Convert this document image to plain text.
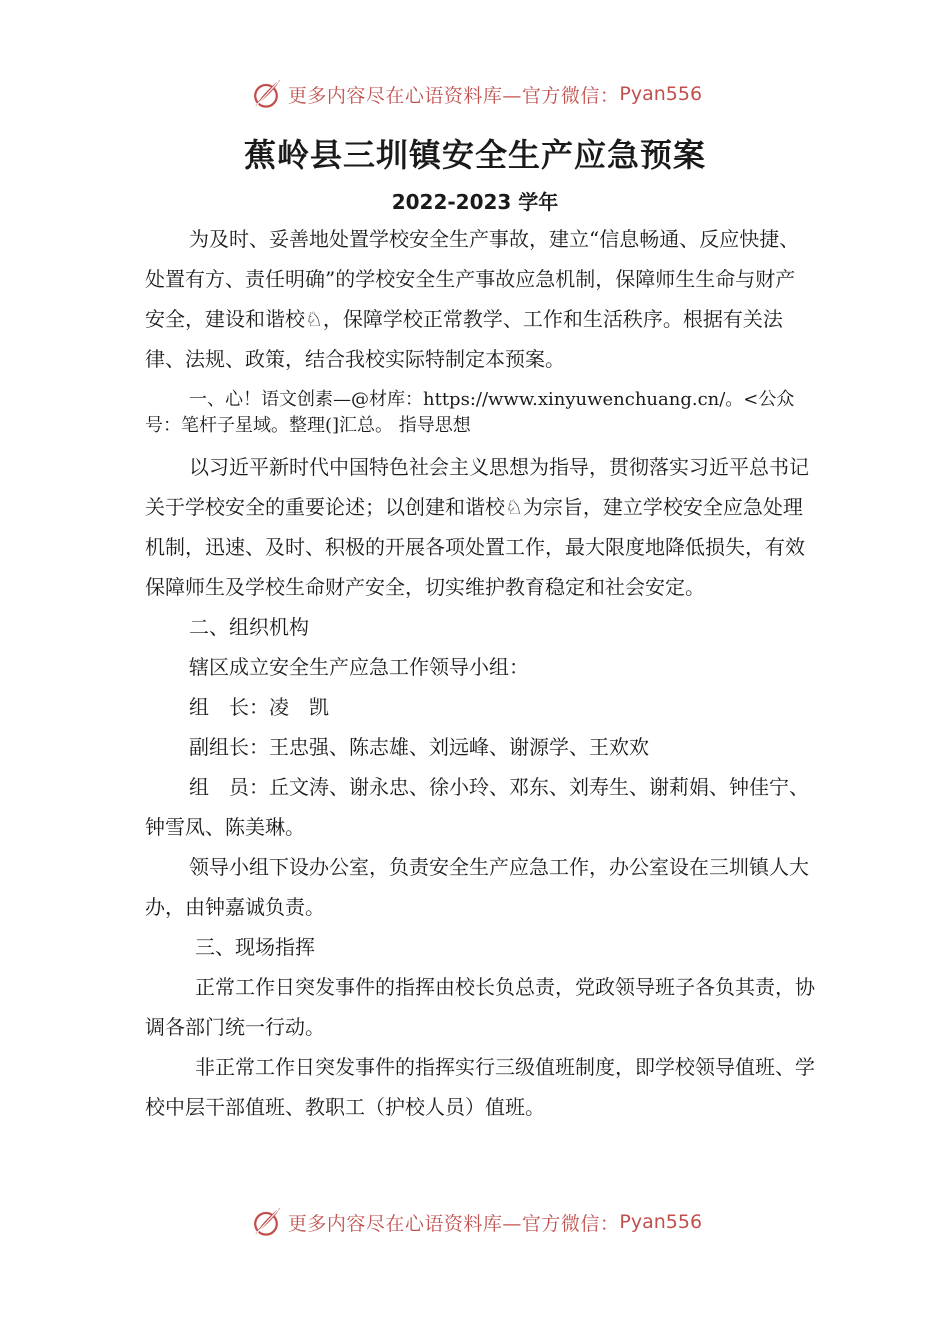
更多内容尽在心语资料库—官方微信： Pyan556
蕉岭县三圳镇安全生产应急预案
2022-2023 学年

为及时、妥善地处置学校安全生产事故，建立“信息畅通、反应快捷、处置有方、责任明确”的学校安全生产事故应急机制，保障师生生命与财产安全，建设和谐校♘，保障学校正常教学、工作和生活秩序。根据有关法律、法规、政策，结合我校实际特制定本预案。

一、心！语文创素—@材库：https://www.xinyuwenchuang.cn/。<公众号：笔杆子星域。整理(]汇总。 指导思想

以习近平新时代中国特色社会主义思想为指导，贯彻落实习近平总书记关于学校安全的重要论述；以创建和谐校♘为宗旨，建立学校安全应急处理机制，迅速、及时、积极的开展各项处置工作，最大限度地降低损失，有效保障师生及学校生命财产安全，切实维护教育稳定和社会安定。

二、组织机构

辖区成立安全生产应急工作领导小组：

组　长：凌　凯

副组长：王忠强、陈志雄、刘远峰、谢源学、王欢欢

组　员：丘文涛、谢永忠、徐小玲、邓东、刘寿生、谢莉娟、钟佳宁、钟雪凤、陈美琳。

领导小组下设办公室，负责安全生产应急工作，办公室设在三圳镇人大办，由钟嘉诚负责。

三、现场指挥

正常工作日突发事件的指挥由校长负总责，党政领导班子各负其责，协调各部门统一行动。

非正常工作日突发事件的指挥实行三级值班制度，即学校领导值班、学校中层干部值班、教职工（护校人员）值班。

更多内容尽在心语资料库—官方微信： Pyan556
